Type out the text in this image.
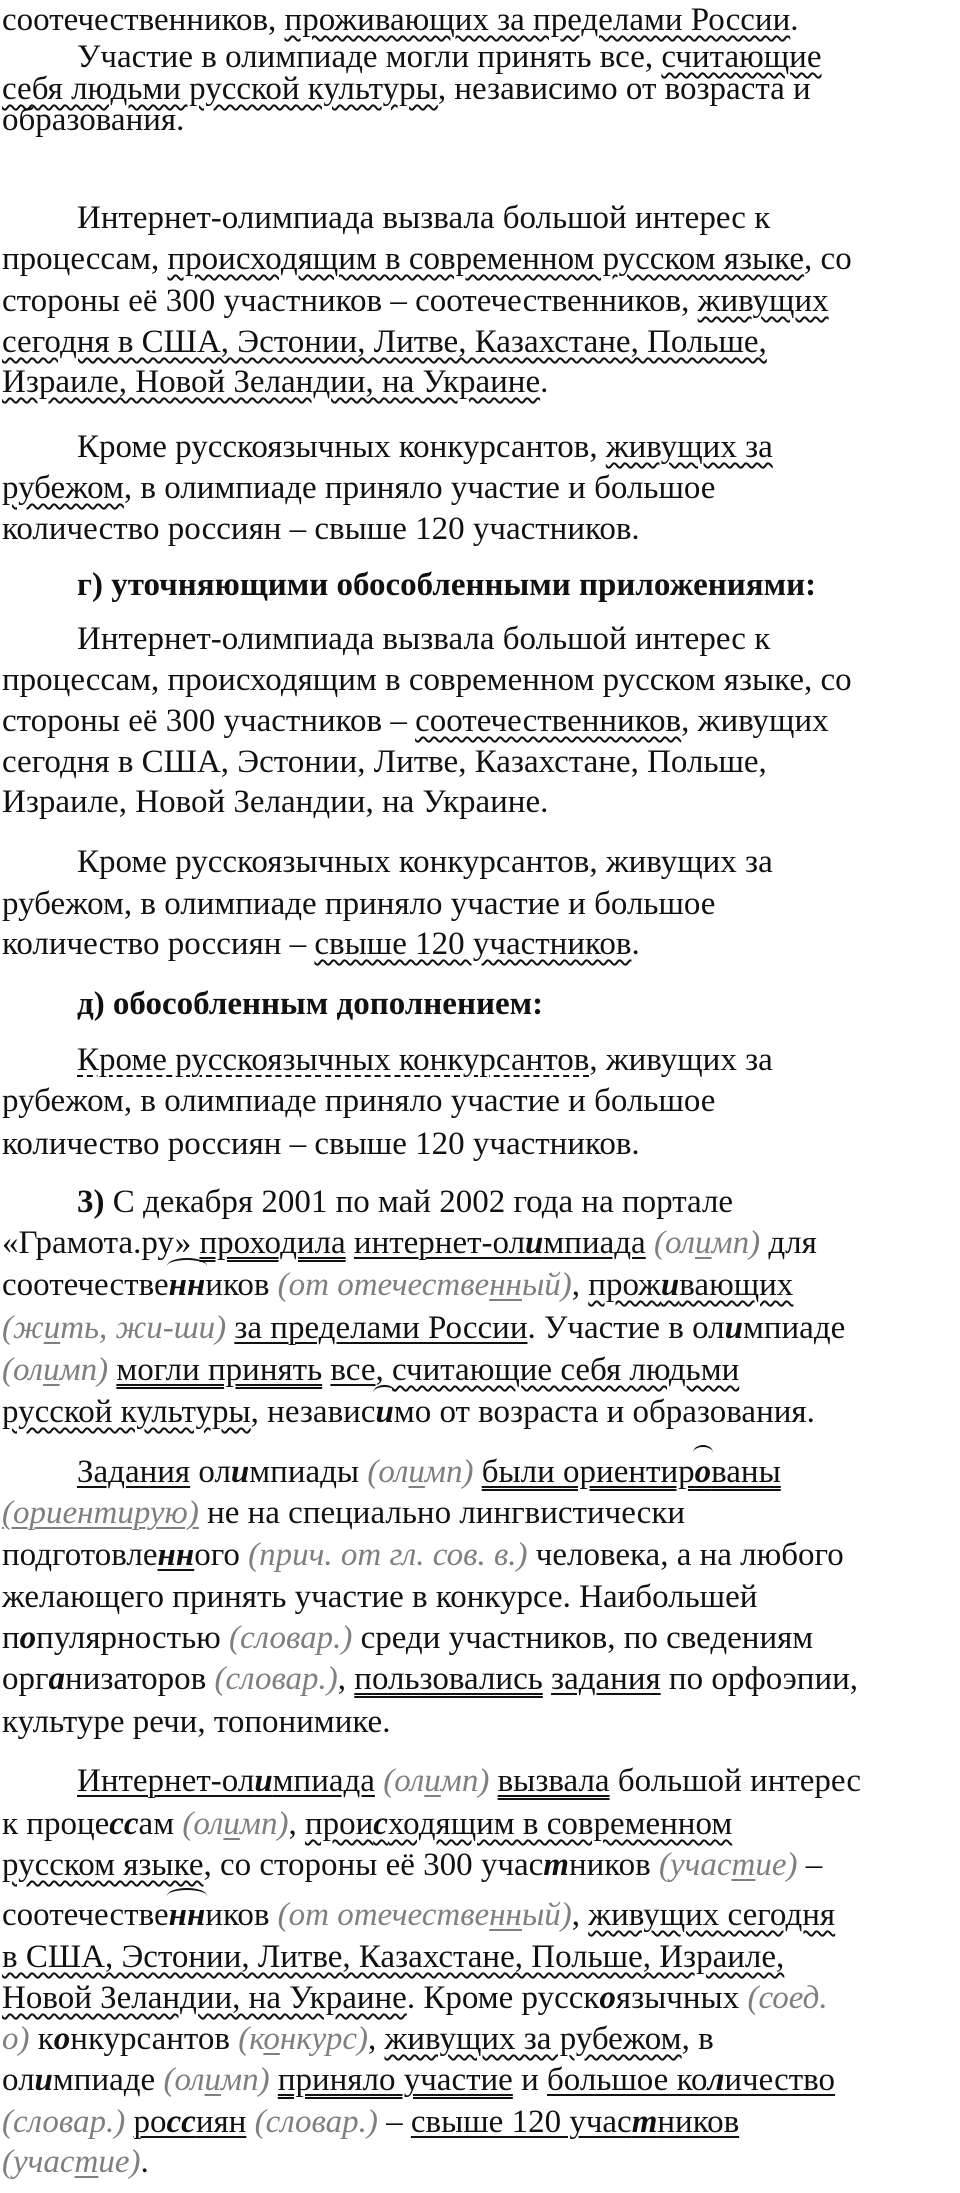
соотечественников, проживающих за пределами России.

Участие в олимпиаде могли принять все, считающие

себя людьми русской культуры, независимо от возраста и

образования.

Интернет-олимпиада вызвала большой интерес к

процессам, происходящим в современном русском языке, со

стороны её 300 участников – соотечественников, живущих

сегодня в США, Эстонии, Литве, Казахстане, Польше,

Израиле, Новой Зеландии, на Украине.

Кроме русскоязычных конкурсантов, живущих за

рубежом, в олимпиаде приняло участие и большое

количество россиян – свыше 120 участников.

г) уточняющими обособленными приложениями:

Интернет-олимпиада вызвала большой интерес к

процессам, происходящим в современном русском языке, со

стороны её 300 участников – соотечественников, живущих

сегодня в США, Эстонии, Литве, Казахстане, Польше,

Израиле, Новой Зеландии, на Украине.

Кроме русскоязычных конкурсантов, живущих за

рубежом, в олимпиаде приняло участие и большое

количество россиян – свыше 120 участников.

д) обособленным дополнением:

Кроме русскоязычных конкурсантов, живущих за

рубежом, в олимпиаде приняло участие и большое

количество россиян – свыше 120 участников.

3) С декабря 2001 по май 2002 года на портале

«Грамота.ру» проходила интернет-олимпиада (олимп) для

соотечественников (от отечественный), проживающих

(жить, жи-ши) за пределами России. Участие в олимпиаде

(олимп) могли принять все, считающие себя людьми

русской культуры, независимо от возраста и образования.

Задания олимпиады (олимп) были ориентированы

(ориентирую) не на специально лингвистически

подготовленного (прич. от гл. сов. в.) человека, а на любого

желающего принять участие в конкурсе. Наибольшей

популярностью (словар.) среди участников, по сведениям

организаторов (словар.), пользовались задания по орфоэпии,

культуре речи, топонимике.

Интернет-олимпиада (олимп) вызвала большой интерес

к процессам (олимп), происходящим в современном

русском языке, со стороны её 300 участников (участие) –

соотечественников (от отечественный), живущих сегодня

в США, Эстонии, Литве, Казахстане, Польше, Израиле,

Новой Зеландии, на Украине. Кроме русскоязычных (соед.

о) конкурсантов (конкурс), живущих за рубежом, в

олимпиаде (олимп) приняло участие и большое количество

(словар.) россиян (словар.) – свыше 120 участников

(участие).
